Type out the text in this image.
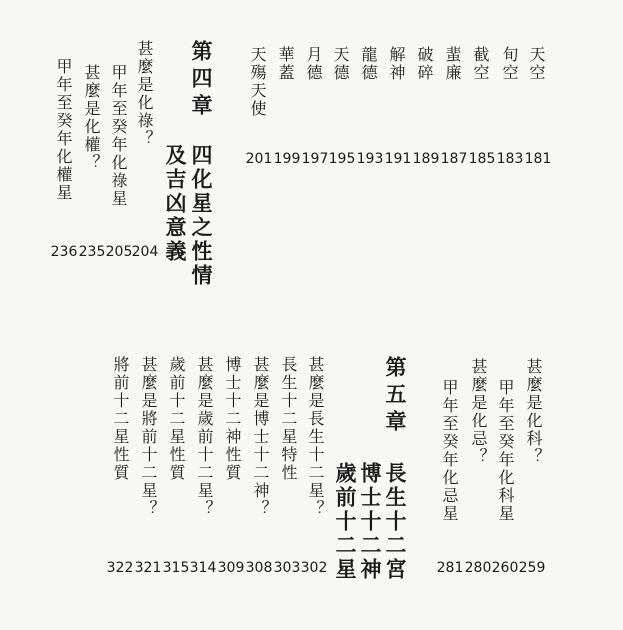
天空
181
旬空
183
截空
185
蜚廉
187
破碎
189
解神
191
龍德
193
天德
195
月德
197
華蓋
199
天殤天使
201
第四章
四化星之性情
及吉凶意義
甚麼是化祿？
甲年至癸年化祿星
甚麼是化權？
甲年至癸年化權星
236 235 205 204
甚麼是化科？
甲年至癸年化科星
甚麼是化忌？
甲年至癸年化忌星
259
260
280
281
第五章
長生十二宮
博士十二神
歲前十二星
甚麼是長生十二星？
長生十二星特性
甚麼是博士十二神？
博士十二神性質
甚麼是歲前十二星？
歲前十二星性質
甚麼是將前十二星？
將前十二星性質
302
303
308
309
314
315
321
322
